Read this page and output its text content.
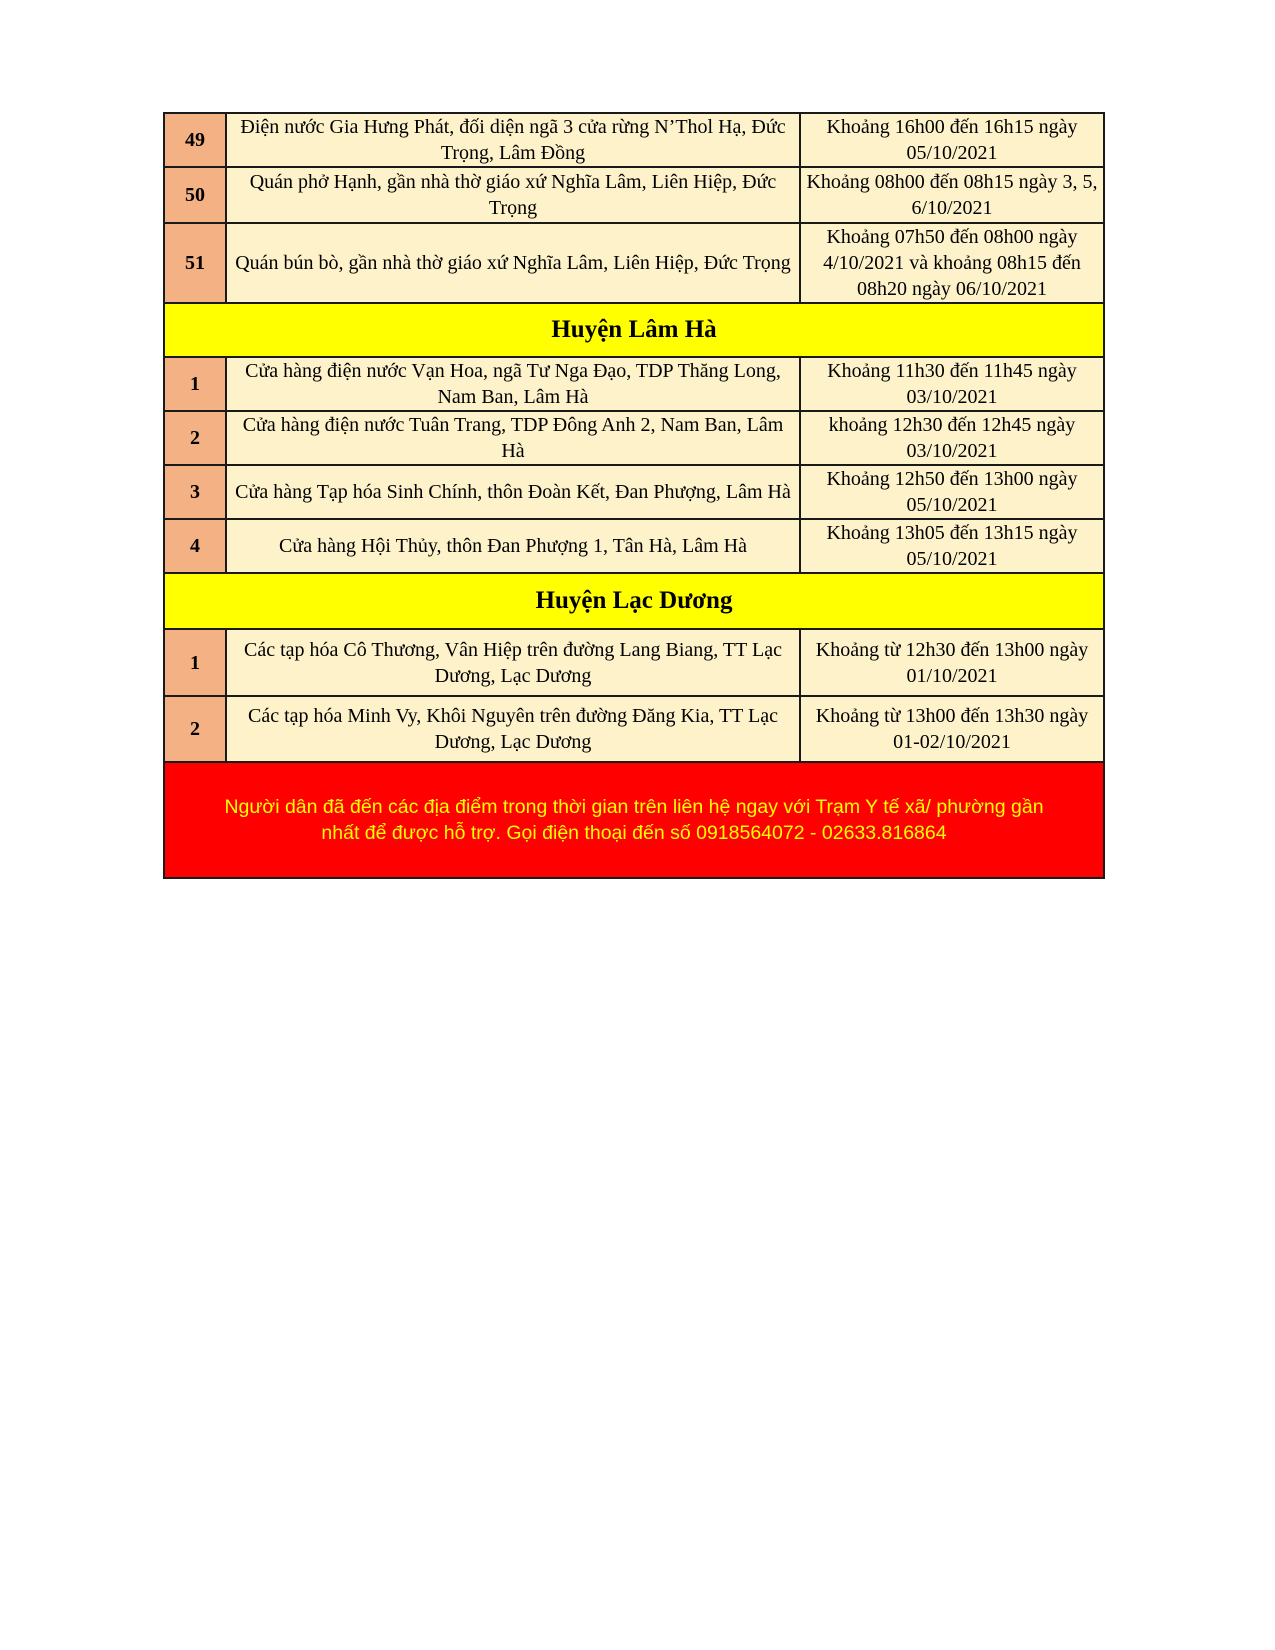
49	Điện nước Gia Hưng Phát, đối diện ngã 3 cửa rừng N’Thol Hạ, Đức Trọng, Lâm Đồng	Khoảng 16h00 đến 16h15 ngày 05/10/2021
50	Quán phở Hạnh, gần nhà thờ giáo xứ Nghĩa Lâm, Liên Hiệp, Đức Trọng	Khoảng 08h00 đến 08h15 ngày 3, 5, 6/10/2021
51	Quán bún bò, gần nhà thờ giáo xứ Nghĩa Lâm, Liên Hiệp, Đức Trọng	Khoảng 07h50 đến 08h00 ngày 4/10/2021 và khoảng 08h15 đến 08h20 ngày 06/10/2021
Huyện Lâm Hà		
1	Cửa hàng điện nước Vạn Hoa, ngã Tư Nga Đạo, TDP Thăng Long, Nam Ban, Lâm Hà	Khoảng 11h30 đến 11h45 ngày 03/10/2021
2	Cửa hàng điện nước Tuân Trang, TDP Đông Anh 2, Nam Ban, Lâm Hà	khoảng 12h30 đến 12h45 ngày 03/10/2021
3	Cửa hàng Tạp hóa Sinh Chính, thôn Đoàn Kết, Đan Phượng, Lâm Hà	Khoảng 12h50 đến 13h00 ngày 05/10/2021
4	Cửa hàng Hội Thủy, thôn Đan Phượng 1, Tân Hà, Lâm Hà	Khoảng 13h05 đến 13h15 ngày 05/10/2021
Huyện Lạc Dương		
1	Các tạp hóa Cô Thương, Vân Hiệp trên đường Lang Biang, TT Lạc Dương, Lạc Dương	Khoảng từ 12h30 đến 13h00 ngày 01/10/2021
2	Các tạp hóa Minh Vy, Khôi Nguyên trên đường Đăng Kia, TT Lạc Dương, Lạc Dương	Khoảng từ 13h00 đến 13h30 ngày 01-02/10/2021
Người dân đã đến các địa điểm trong thời gian trên liên hệ ngay với Trạm Y tế xã/ phường gần nhất để được hỗ trợ. Gọi điện thoại đến số 0918564072 - 02633.816864		
